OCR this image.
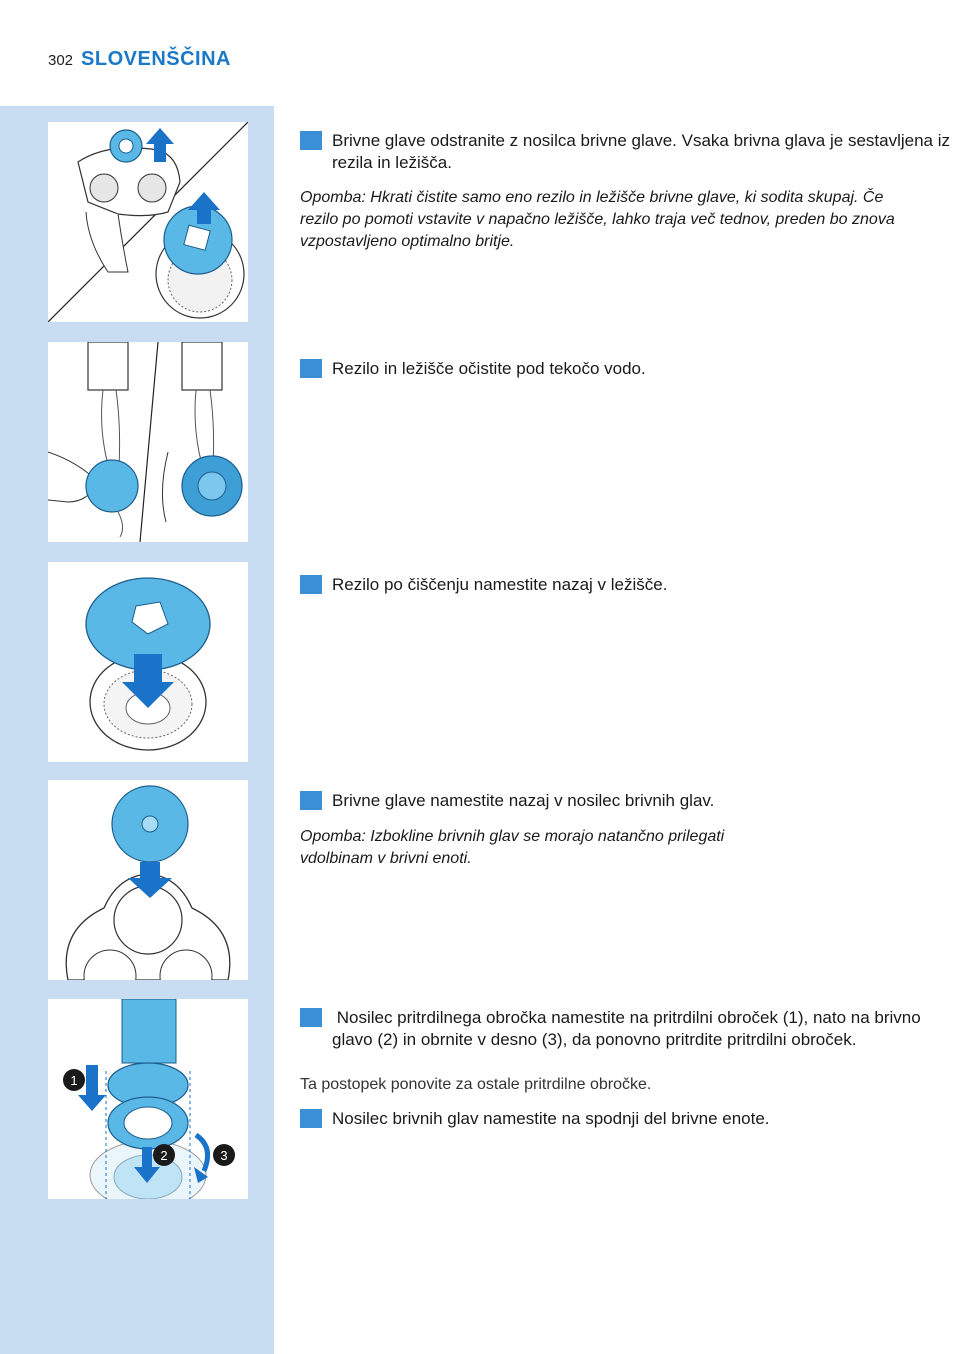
302 SLOVENŠČINA
1
2	3
3 Brivne glave odstranite z nosilca brivne glave. Vsaka brivna glava je sestavljena iz rezila in ležišča.
Opomba: Hkrati čistite samo eno rezilo in ležišče brivne glave, ki sodita skupaj. Če rezilo po pomoti vstavite v napačno ležišče, lahko traja več tednov, preden bo znova vzpostavljeno optimalno britje.
4 Rezilo in ležišče očistite pod tekočo vodo.
5 Rezilo po čiščenju namestite nazaj v ležišče.
6 Brivne glave namestite nazaj v nosilec brivnih glav.
Opomba: Izboklinе brivnih glav se morajo natančno prilegati
vdolbinam v brivni enoti.
7 Nosilec pritrdilnega obročka namestite na pritrdilni obroček (1), nato na brivno glavo (2) in obrnite v desno (3), da ponovno pritrdite pritrdilni obroček.
Ta postopek ponovite za ostale pritrdilne obročke.
8 Nosilec brivnih glav namestite na spodnji del brivne enote.
